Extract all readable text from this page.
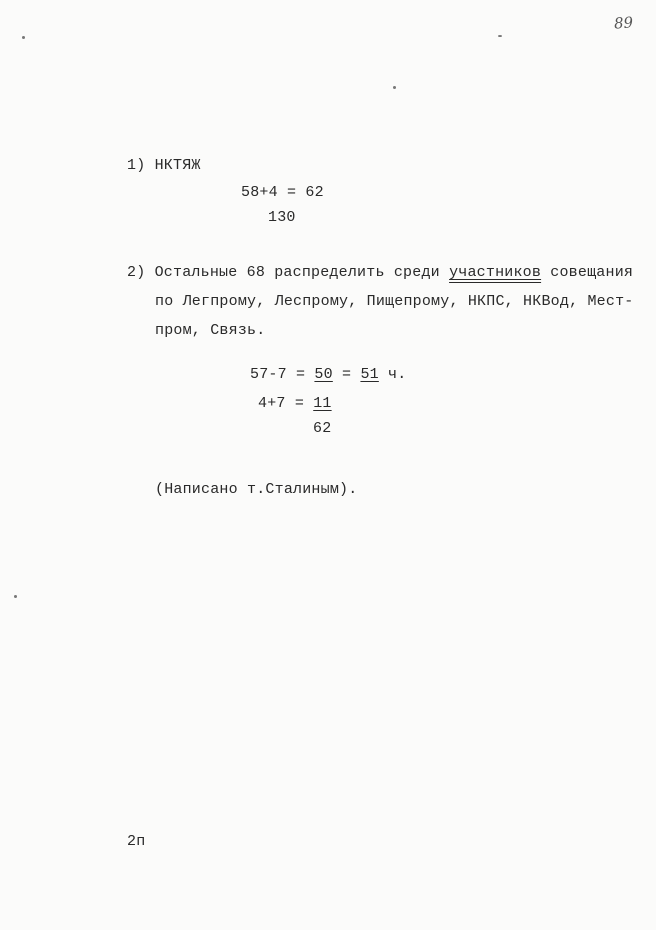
89
1) НКТЯЖ
58+4 = 62
130
2) Остальные 68 распределить среди участников совещания
по Легпрому, Леспрому, Пищепрому, НКПС, НКВод, Мест-
пром, Связь.
57-7 = 50 = 51 ч.
4+7 = 11
62
(Написано т.Сталиным).
2п
